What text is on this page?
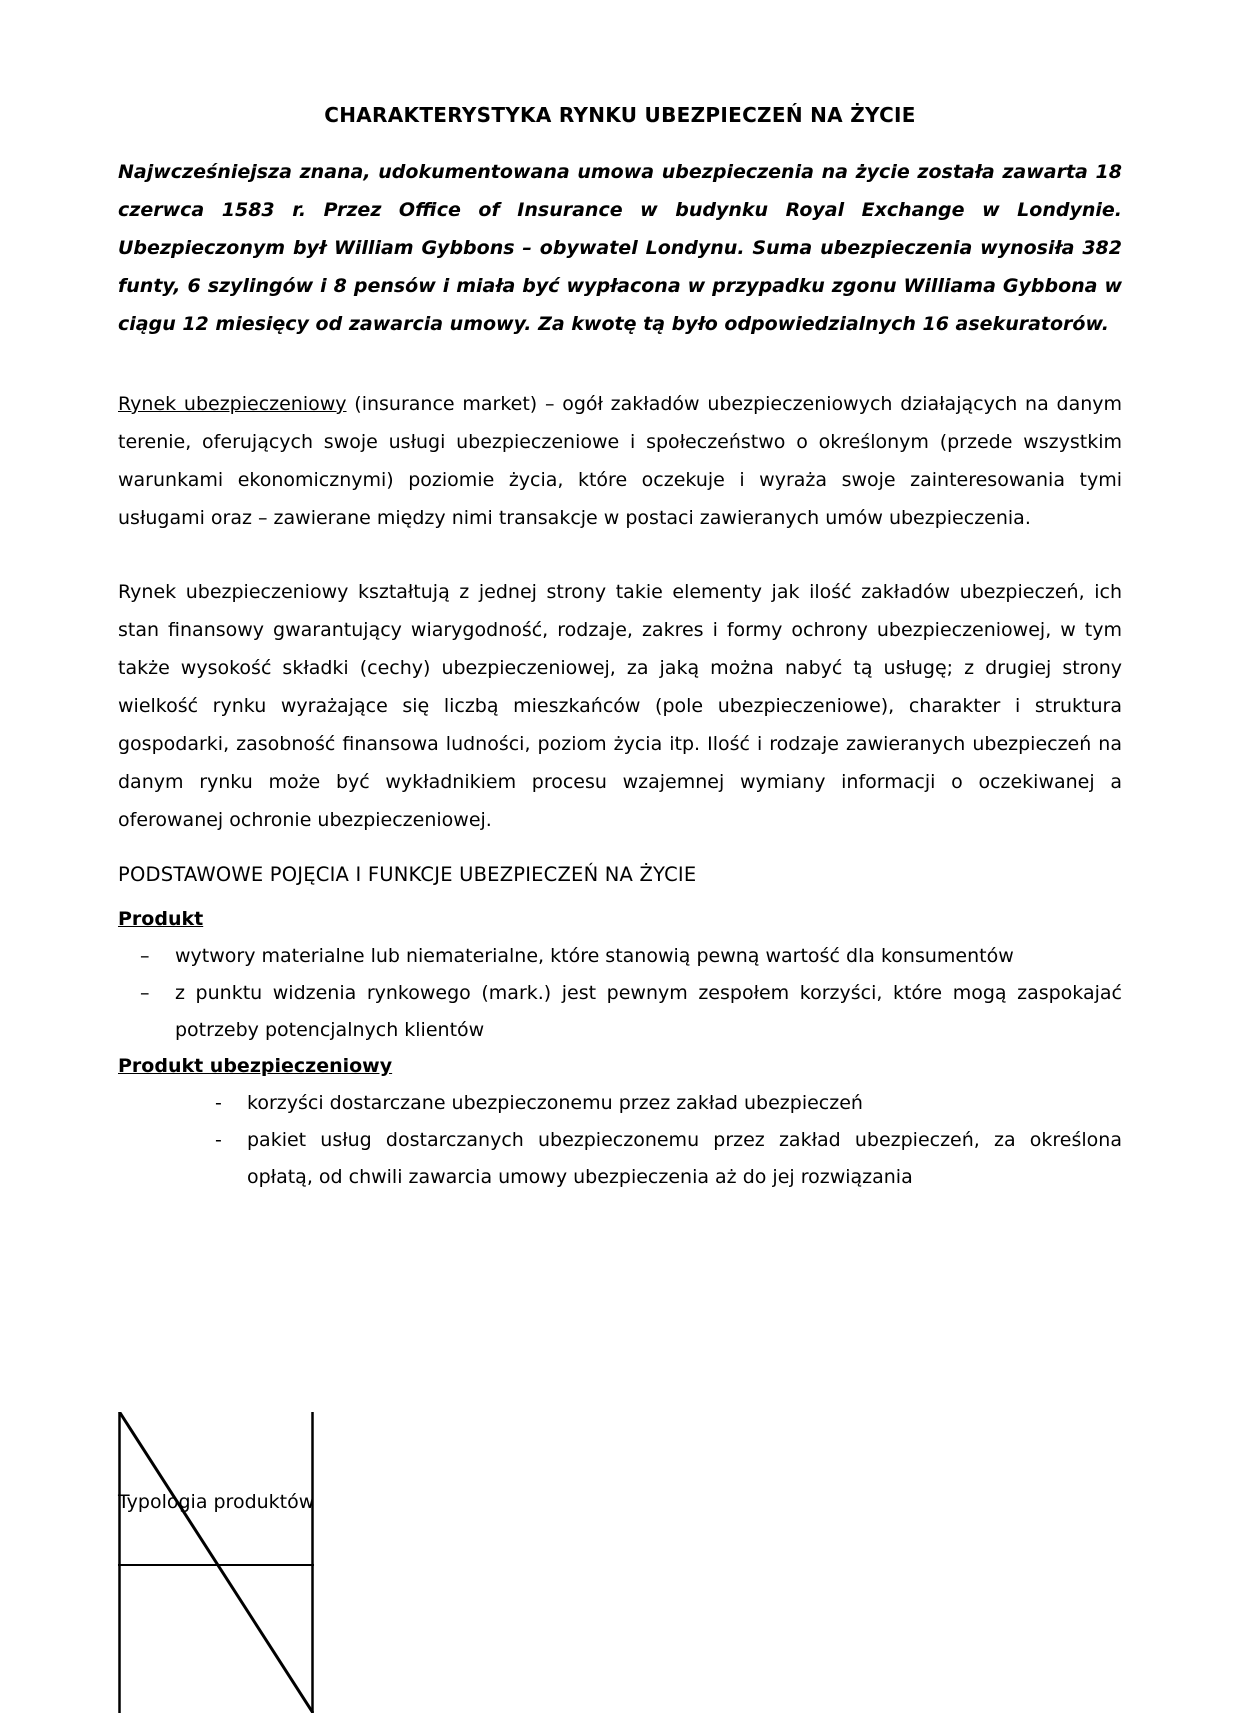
CHARAKTERYSTYKA RYNKU UBEZPIECZEŃ NA ŻYCIE

Najwcześniejsza znana, udokumentowana umowa ubezpieczenia na życie została zawarta 18 czerwca 1583 r. Przez Office of Insurance w budynku Royal Exchange w Londynie. Ubezpieczonym był William Gybbons – obywatel Londynu. Suma ubezpieczenia wynosiła 382 funty, 6 szylingów i 8 pensów i miała być wypłacona w przypadku zgonu Williama Gybbona w ciągu 12 miesięcy od zawarcia umowy. Za kwotę tą było odpowiedzialnych 16 asekuratorów.

Rynek ubezpieczeniowy (insurance market) – ogół zakładów ubezpieczeniowych działających na danym terenie, oferujących swoje usługi ubezpieczeniowe i społeczeństwo o określonym (przede wszystkim warunkami ekonomicznymi) poziomie życia, które oczekuje i wyraża swoje zainteresowania tymi usługami oraz – zawierane między nimi transakcje w postaci zawieranych umów ubezpieczenia.

Rynek ubezpieczeniowy kształtują z jednej strony takie elementy jak ilość zakładów ubezpieczeń, ich stan finansowy gwarantujący wiarygodność, rodzaje, zakres i formy ochrony ubezpieczeniowej, w tym także wysokość składki (cechy) ubezpieczeniowej, za jaką można nabyć tą usługę; z drugiej strony wielkość rynku wyrażające się liczbą mieszkańców (pole ubezpieczeniowe), charakter i struktura gospodarki, zasobność finansowa ludności, poziom życia itp. Ilość i rodzaje zawieranych ubezpieczeń na danym rynku może być wykładnikiem procesu wzajemnej wymiany informacji o oczekiwanej a oferowanej ochronie ubezpieczeniowej.

PODSTAWOWE POJĘCIA I FUNKCJE UBEZPIECZEŃ NA ŻYCIE
Produkt
– wytwory materialne lub niematerialne, które stanowią pewną wartość dla konsumentów
– z punktu widzenia rynkowego (mark.) jest pewnym zespołem korzyści, które mogą zaspokajać potrzeby potencjalnych klientów
Produkt ubezpieczeniowy
- korzyści dostarczane ubezpieczonemu przez zakład ubezpieczeń
- pakiet usług dostarczanych ubezpieczonemu przez zakład ubezpieczeń, za określona opłatą, od chwili zawarcia umowy ubezpieczenia aż do jej rozwiązania
Typologia produktów
